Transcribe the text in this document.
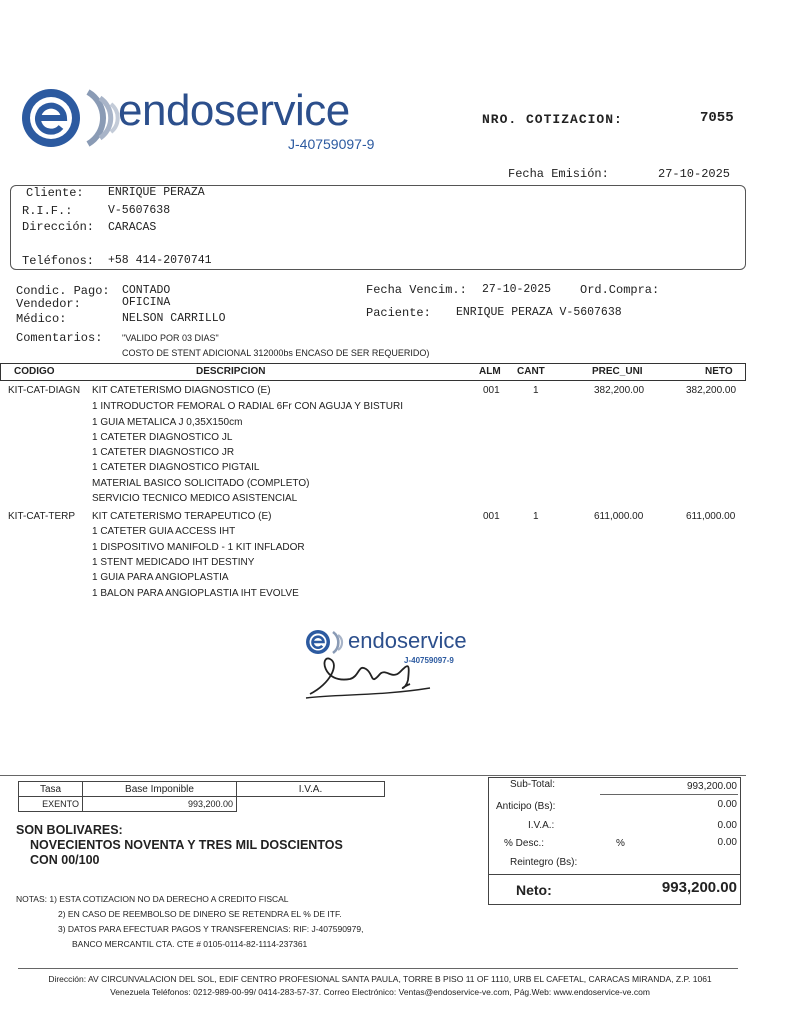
endoservice
J-40759097-9
NRO. COTIZACION:	7055
Fecha Emisión:	27-10-2025
Cliente: ENRIQUE PERAZA
R.I.F.:	V-5607638
Dirección: CARACAS
Teléfonos: +58 414-2070741
Condic. Pago: CONTADO
Vendedor:	OFICINA
Médico:	NELSON CARRILLO
Comentarios: "VALIDO POR 03 DIAS"
COSTO DE STENT ADICIONAL 312000bs ENCASO DE SER REQUERIDO)
Fecha Vencim.: 27-10-2025 Ord.Compra:
Paciente: ENRIQUE PERAZA V-5607638
CODIGO	DESCRIPCION	ALM CANT	PREC_UNI	NETO
KIT-CAT-DIAGN KIT CATETERISMO DIAGNOSTICO (E)	001	1	382,200.00	382,200.00
1 INTRODUCTOR FEMORAL O RADIAL 6Fr CON AGUJA Y BISTURI
1 GUIA METALICA J 0,35X150cm
1 CATETER DIAGNOSTICO JL
1 CATETER DIAGNOSTICO JR
1 CATETER DIAGNOSTICO PIGTAIL
MATERIAL BASICO SOLICITADO (COMPLETO)
SERVICIO TECNICO MEDICO ASISTENCIAL
KIT-CAT-TERP KIT CATETERISMO TERAPEUTICO (E)	001	1	611,000.00	611,000.00
1 CATETER GUIA ACCESS IHT
1 DISPOSITIVO MANIFOLD - 1 KIT INFLADOR
1 STENT MEDICADO IHT DESTINY
1 GUIA PARA ANGIOPLASTIA
1 BALON PARA ANGIOPLASTIA IHT EVOLVE
endoservice
J-40759097-9
Tasa	Base Imponible	I.V.A.
EXENTO	993,200.00	
SON BOLIVARES:
NOVECIENTOS NOVENTA Y TRES MIL DOSCIENTOS
CON 00/100
Sub-Total:	993,200.00
Anticipo (Bs):	0.00
I.V.A.:	0.00
% Desc.:	%	0.00
Reintegro (Bs):
Neto:	993,200.00
NOTAS: 1) ESTA COTIZACION NO DA DERECHO A CREDITO FISCAL
2) EN CASO DE REEMBOLSO DE DINERO SE RETENDRA EL % DE ITF.
3) DATOS PARA EFECTUAR PAGOS Y TRANSFERENCIAS: RIF: J-407590979,
BANCO MERCANTIL CTA. CTE # 0105-0114-82-1114-237361
Dirección: AV CIRCUNVALACION DEL SOL, EDIF CENTRO PROFESIONAL SANTA PAULA, TORRE B PISO 11 OF 1110, URB EL CAFETAL, CARACAS MIRANDA, Z.P. 1061
Venezuela Teléfonos: 0212-989-00-99/ 0414-283-57-37. Correo Electrónico: Ventas@endoservice-ve.com, Pág.Web: www.endoservice-ve.com
